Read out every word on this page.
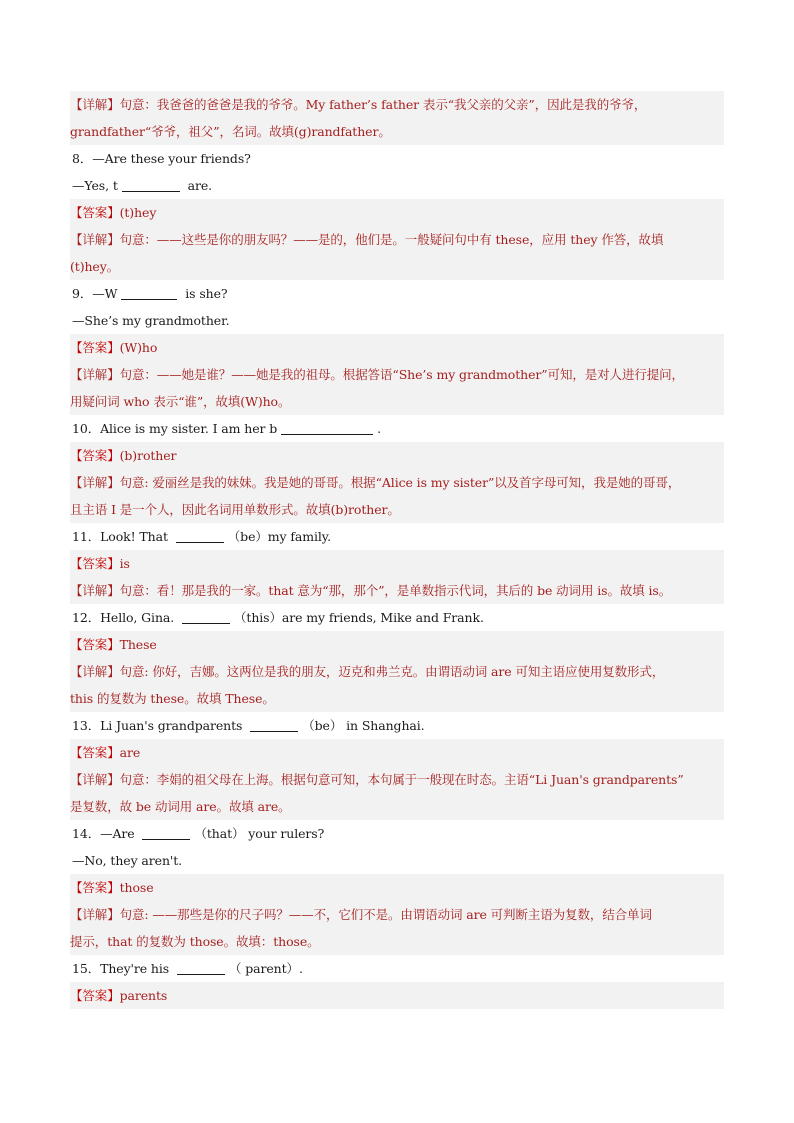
【详解】句意：我爸爸的爸爸是我的爷爷。My father’s father 表示“我父亲的父亲”，因此是我的爷爷，
grandfather“爷爷，祖父”，名词。故填(g)randfather。
8．—Are these your friends?
—Yes, t	are.
【答案】(t)hey
【详解】句意：——这些是你的朋友吗？——是的，他们是。一般疑问句中有 these，应用 they 作答，故填
(t)hey。
9．—W	is she?
—She’s my grandmother.
【答案】(W)ho
【详解】句意：——她是谁？——她是我的祖母。根据答语“She’s my grandmother”可知，是对人进行提问，
用疑问词 who 表示“谁”，故填(W)ho。
10．Alice is my sister. I am her b	.
【答案】(b)rother
【详解】句意: 爱丽丝是我的妹妹。我是她的哥哥。根据“Alice is my sister”以及首字母可知，我是她的哥哥，
且主语 I 是一个人，因此名词用单数形式。故填(b)rother。
11．Look! That	（be）my family.
【答案】is
【详解】句意：看！那是我的一家。that 意为“那，那个”，是单数指示代词，其后的 be 动词用 is。故填 is。
12．Hello, Gina.	（this）are my friends, Mike and Frank.
【答案】These
【详解】句意: 你好，吉娜。这两位是我的朋友，迈克和弗兰克。由谓语动词 are 可知主语应使用复数形式，
this 的复数为 these。故填 These。
13．Li Juan's grandparents	（be） in Shanghai.
【答案】are
【详解】句意：李娟的祖父母在上海。根据句意可知，本句属于一般现在时态。主语“Li Juan's grandparents”
是复数，故 be 动词用 are。故填 are。
14．—Are	（that） your rulers?
—No, they aren't.
【答案】those
【详解】句意: ——那些是你的尺子吗？——不，它们不是。由谓语动词 are 可判断主语为复数，结合单词
提示，that 的复数为 those。故填：those。
15．They're his	（ parent）.
【答案】parents
